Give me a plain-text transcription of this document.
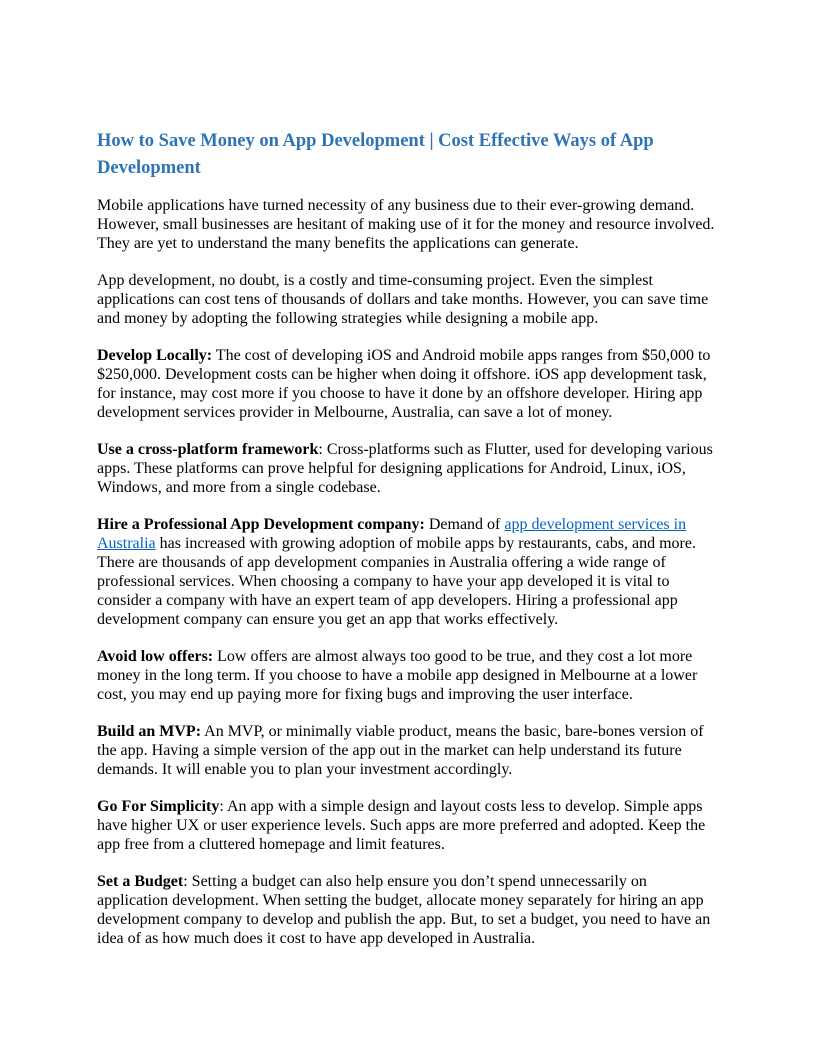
How to Save Money on App Development | Cost Effective Ways of App Development

Mobile applications have turned necessity of any business due to their ever-growing demand. However, small businesses are hesitant of making use of it for the money and resource involved. They are yet to understand the many benefits the applications can generate.

App development, no doubt, is a costly and time-consuming project. Even the simplest applications can cost tens of thousands of dollars and take months. However, you can save time and money by adopting the following strategies while designing a mobile app.

Develop Locally: The cost of developing iOS and Android mobile apps ranges from $50,000 to $250,000. Development costs can be higher when doing it offshore. iOS app development task, for instance, may cost more if you choose to have it done by an offshore developer. Hiring app development services provider in Melbourne, Australia, can save a lot of money.

Use a cross-platform framework: Cross-platforms such as Flutter, used for developing various apps. These platforms can prove helpful for designing applications for Android, Linux, iOS, Windows, and more from a single codebase.

Hire a Professional App Development company: Demand of app development services in Australia has increased with growing adoption of mobile apps by restaurants, cabs, and more. There are thousands of app development companies in Australia offering a wide range of professional services. When choosing a company to have your app developed it is vital to consider a company with have an expert team of app developers. Hiring a professional app development company can ensure you get an app that works effectively.

Avoid low offers: Low offers are almost always too good to be true, and they cost a lot more money in the long term. If you choose to have a mobile app designed in Melbourne at a lower cost, you may end up paying more for fixing bugs and improving the user interface.

Build an MVP: An MVP, or minimally viable product, means the basic, bare-bones version of the app. Having a simple version of the app out in the market can help understand its future demands. It will enable you to plan your investment accordingly.

Go For Simplicity: An app with a simple design and layout costs less to develop. Simple apps have higher UX or user experience levels. Such apps are more preferred and adopted. Keep the app free from a cluttered homepage and limit features.

Set a Budget: Setting a budget can also help ensure you don’t spend unnecessarily on application development. When setting the budget, allocate money separately for hiring an app development company to develop and publish the app. But, to set a budget, you need to have an idea of as how much does it cost to have app developed in Australia.
